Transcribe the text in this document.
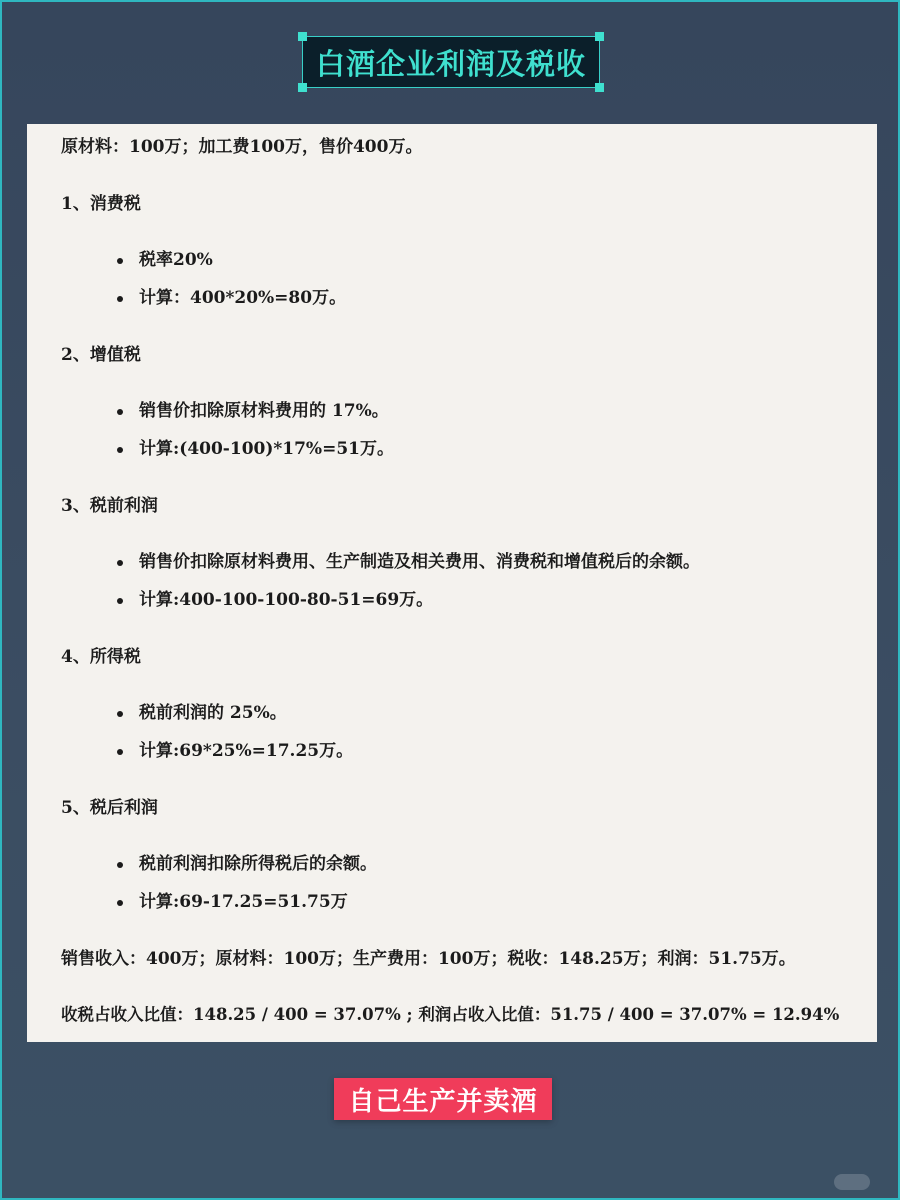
白酒企业利润及税收
原材料：100万；加工费100万，售价400万。
1、消费税
税率20%
计算：400*20%=80万。
2、增值税
销售价扣除原材料费用的 17%。
计算:(400-100)*17%=51万。
3、税前利润
销售价扣除原材料费用、生产制造及相关费用、消费税和增值税后的余额。
计算:400-100-100-80-51=69万。
4、所得税
税前利润的 25%。
计算:69*25%=17.25万。
5、税后利润
税前利润扣除所得税后的余额。
计算:69-17.25=51.75万
销售收入：400万；原材料：100万；生产费用：100万；税收：148.25万；利润：51.75万。
收税占收入比值：148.25 / 400 = 37.07% ; 利润占收入比值：51.75 / 400 = 37.07% = 12.94%
自己生产并卖酒
